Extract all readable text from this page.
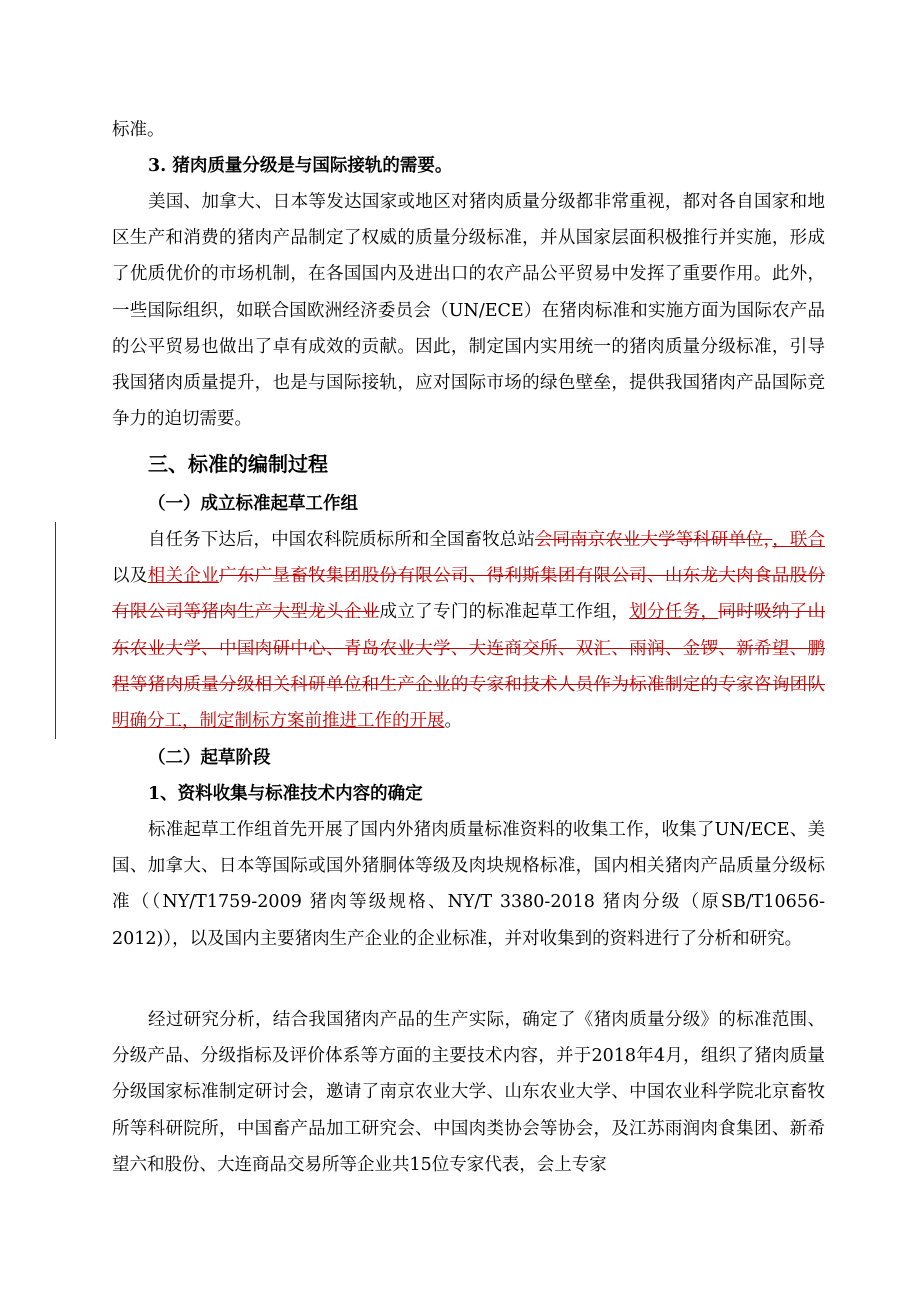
标准。

3. 猪肉质量分级是与国际接轨的需要。

美国、加拿大、日本等发达国家或地区对猪肉质量分级都非常重视，都对各自国家和地区生产和消费的猪肉产品制定了权威的质量分级标准，并从国家层面积极推行并实施，形成了优质优价的市场机制，在各国国内及进出口的农产品公平贸易中发挥了重要作用。此外，一些国际组织，如联合国欧洲经济委员会（UN/ECE）在猪肉标准和实施方面为国际农产品的公平贸易也做出了卓有成效的贡献。因此，制定国内实用统一的猪肉质量分级标准，引导我国猪肉质量提升，也是与国际接轨，应对国际市场的绿色壁垒，提供我国猪肉产品国际竞争力的迫切需要。

三、标准的编制过程

（一）成立标准起草工作组

自任务下达后，中国农科院质标所和全国畜牧总站会同南京农业大学等科研单位，，联合以及相关企业广东广垦畜牧集团股份有限公司、得利斯集团有限公司、山东龙大肉食品股份有限公司等猪肉生产大型龙头企业成立了专门的标准起草工作组，划分任务，同时吸纳了山东农业大学、中国肉研中心、青岛农业大学、大连商交所、双汇、雨润、金锣、新希望、鹏程等猪肉质量分级相关科研单位和生产企业的专家和技术人员作为标准制定的专家咨询团队明确分工，制定制标方案前推进工作的开展。

（二）起草阶段

1、资料收集与标准技术内容的确定

标准起草工作组首先开展了国内外猪肉质量标准资料的收集工作，收集了UN/ECE、美国、加拿大、日本等国际或国外猪胴体等级及肉块规格标准，国内相关猪肉产品质量分级标准（（NY/T1759-2009 猪肉等级规格、NY/T 3380-2018 猪肉分级（原SB/T10656-2012)），以及国内主要猪肉生产企业的企业标准，并对收集到的资料进行了分析和研究。

经过研究分析，结合我国猪肉产品的生产实际，确定了《猪肉质量分级》的标准范围、分级产品、分级指标及评价体系等方面的主要技术内容，并于2018年4月，组织了猪肉质量分级国家标准制定研讨会，邀请了南京农业大学、山东农业大学、中国农业科学院北京畜牧所等科研院所，中国畜产品加工研究会、中国肉类协会等协会，及江苏雨润肉食集团、新希望六和股份、大连商品交易所等企业共15位专家代表，会上专家
